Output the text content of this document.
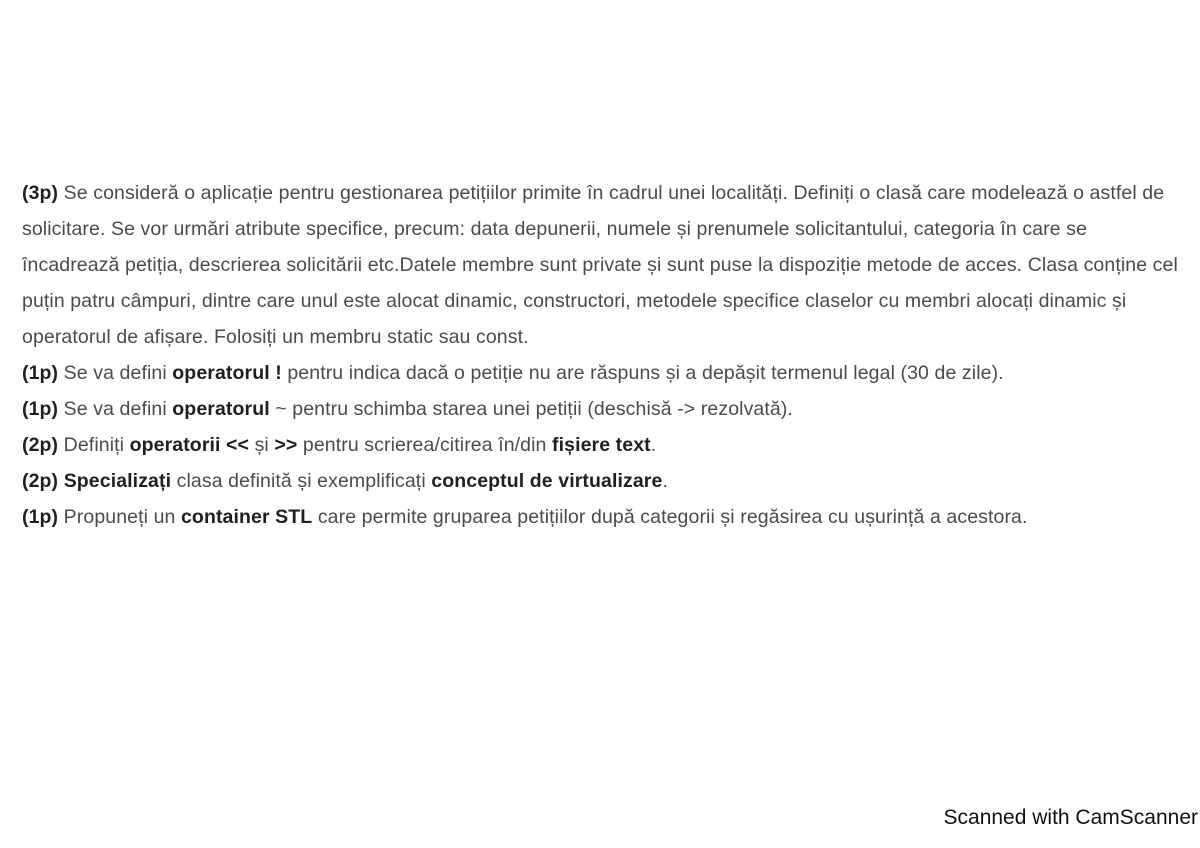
(3p) Se consideră o aplicație pentru gestionarea petițiilor primite în cadrul unei localități. Definiți o clasă care modelează o astfel de solicitare. Se vor urmări atribute specifice, precum: data depunerii, numele și prenumele solicitantului, categoria în care se încadrează petiția, descrierea solicitării etc.Datele membre sunt private și sunt puse la dispoziție metode de acces. Clasa conține cel puțin patru câmpuri, dintre care unul este alocat dinamic, constructori, metodele specifice claselor cu membri alocați dinamic și operatorul de afișare. Folosiți un membru static sau const.

(1p) Se va defini operatorul ! pentru indica dacă o petiție nu are răspuns și a depășit termenul legal (30 de zile).

(1p) Se va defini operatorul ~ pentru schimba starea unei petiții (deschisă -> rezolvată).

(2p) Definiți operatorii << și >> pentru scrierea/citirea în/din fișiere text.

(2p) Specializați clasa definită și exemplificați conceptul de virtualizare.

(1p) Propuneți un container STL care permite gruparea petițiilor după categorii și regăsirea cu ușurință a acestora.

Scanned with CamScanner
